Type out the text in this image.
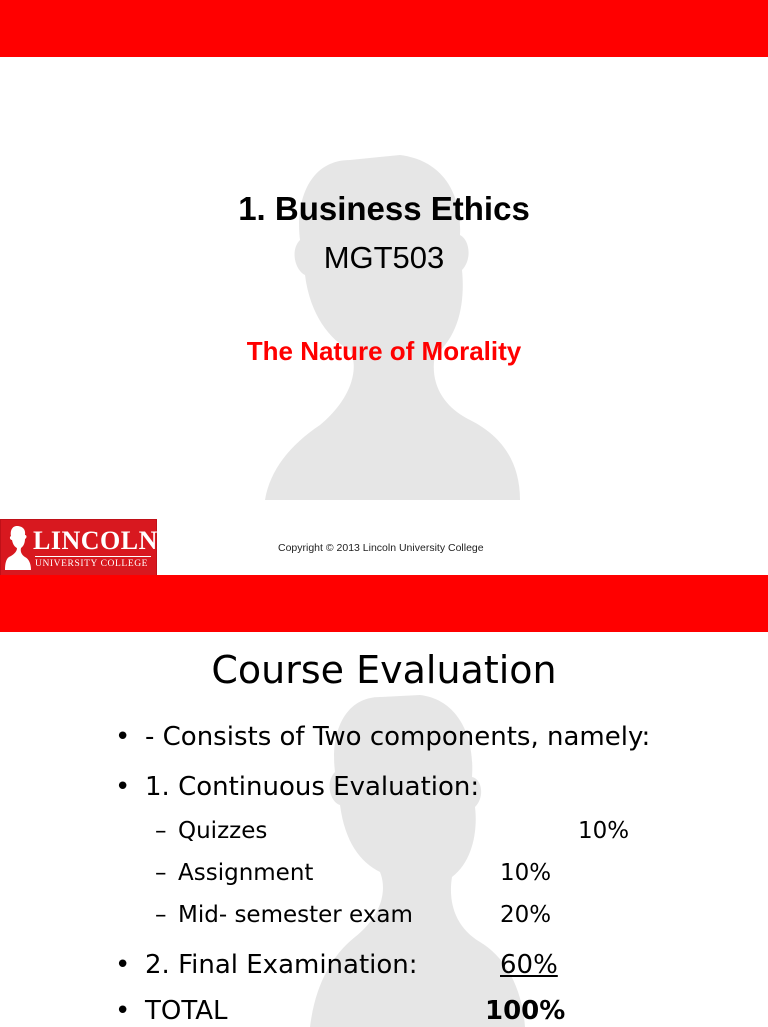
1. Business Ethics
MGT503
The Nature of Morality
LINCOLN
UNIVERSITY COLLEGE
Copyright © 2013 Lincoln University College
Course Evaluation
• - Consists of Two components, namely:
• 1. Continuous Evaluation:
– Quizzes	10%
– Assignment	10%
– Mid- semester exam	20%
• 2. Final Examination:	60%
• TOTAL	100%
